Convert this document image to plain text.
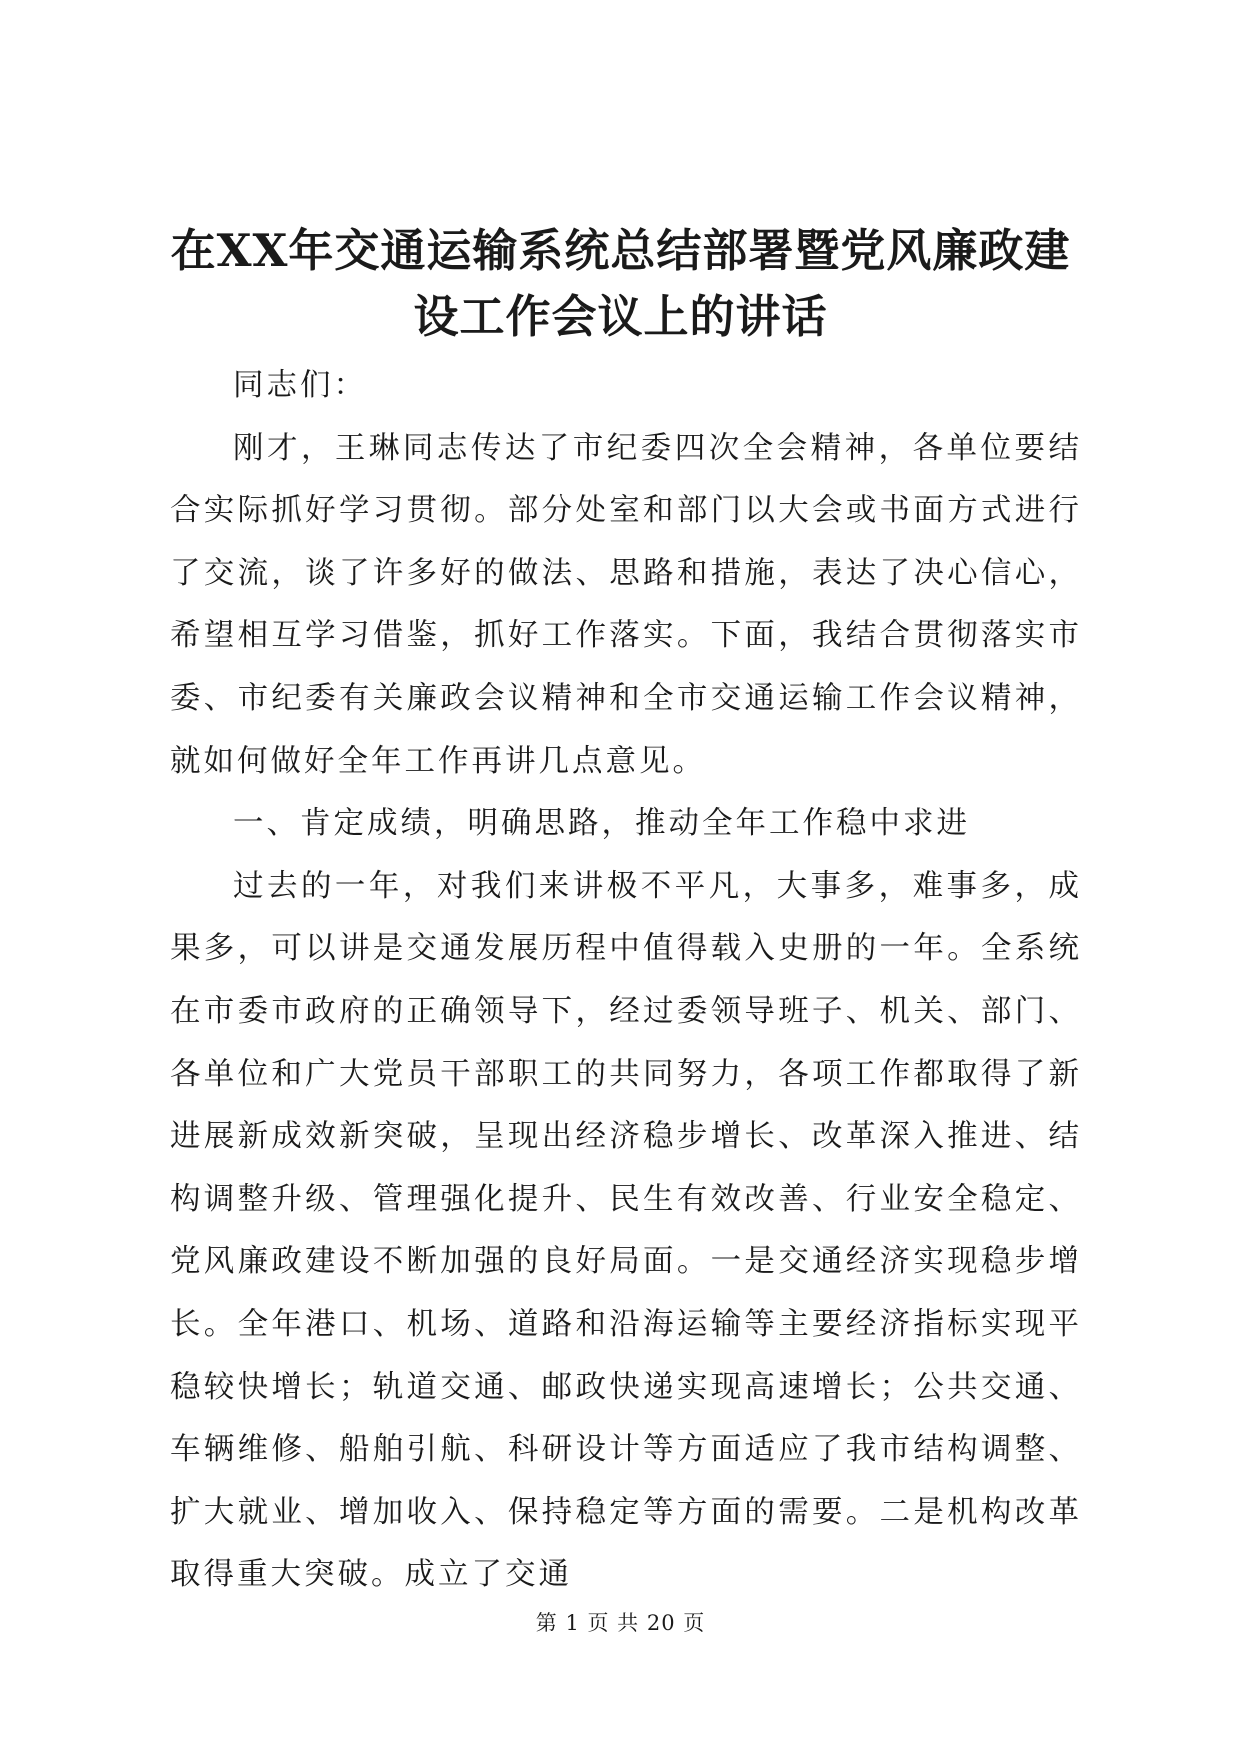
在XX年交通运输系统总结部署暨党风廉政建设工作会议上的讲话

同志们：

刚才，王琳同志传达了市纪委四次全会精神，各单位要结合实际抓好学习贯彻。部分处室和部门以大会或书面方式进行了交流，谈了许多好的做法、思路和措施，表达了决心信心，希望相互学习借鉴，抓好工作落实。下面，我结合贯彻落实市委、市纪委有关廉政会议精神和全市交通运输工作会议精神，就如何做好全年工作再讲几点意见。

一、肯定成绩，明确思路，推动全年工作稳中求进

过去的一年，对我们来讲极不平凡，大事多，难事多，成果多，可以讲是交通发展历程中值得载入史册的一年。全系统在市委市政府的正确领导下，经过委领导班子、机关、部门、各单位和广大党员干部职工的共同努力，各项工作都取得了新进展新成效新突破，呈现出经济稳步增长、改革深入推进、结构调整升级、管理强化提升、民生有效改善、行业安全稳定、党风廉政建设不断加强的良好局面。一是交通经济实现稳步增长。全年港口、机场、道路和沿海运输等主要经济指标实现平稳较快增长；轨道交通、邮政快递实现高速增长；公共交通、车辆维修、船舶引航、科研设计等方面适应了我市结构调整、扩大就业、增加收入、保持稳定等方面的需要。二是机构改革取得重大突破。成立了交通

第 1 页 共 20 页
